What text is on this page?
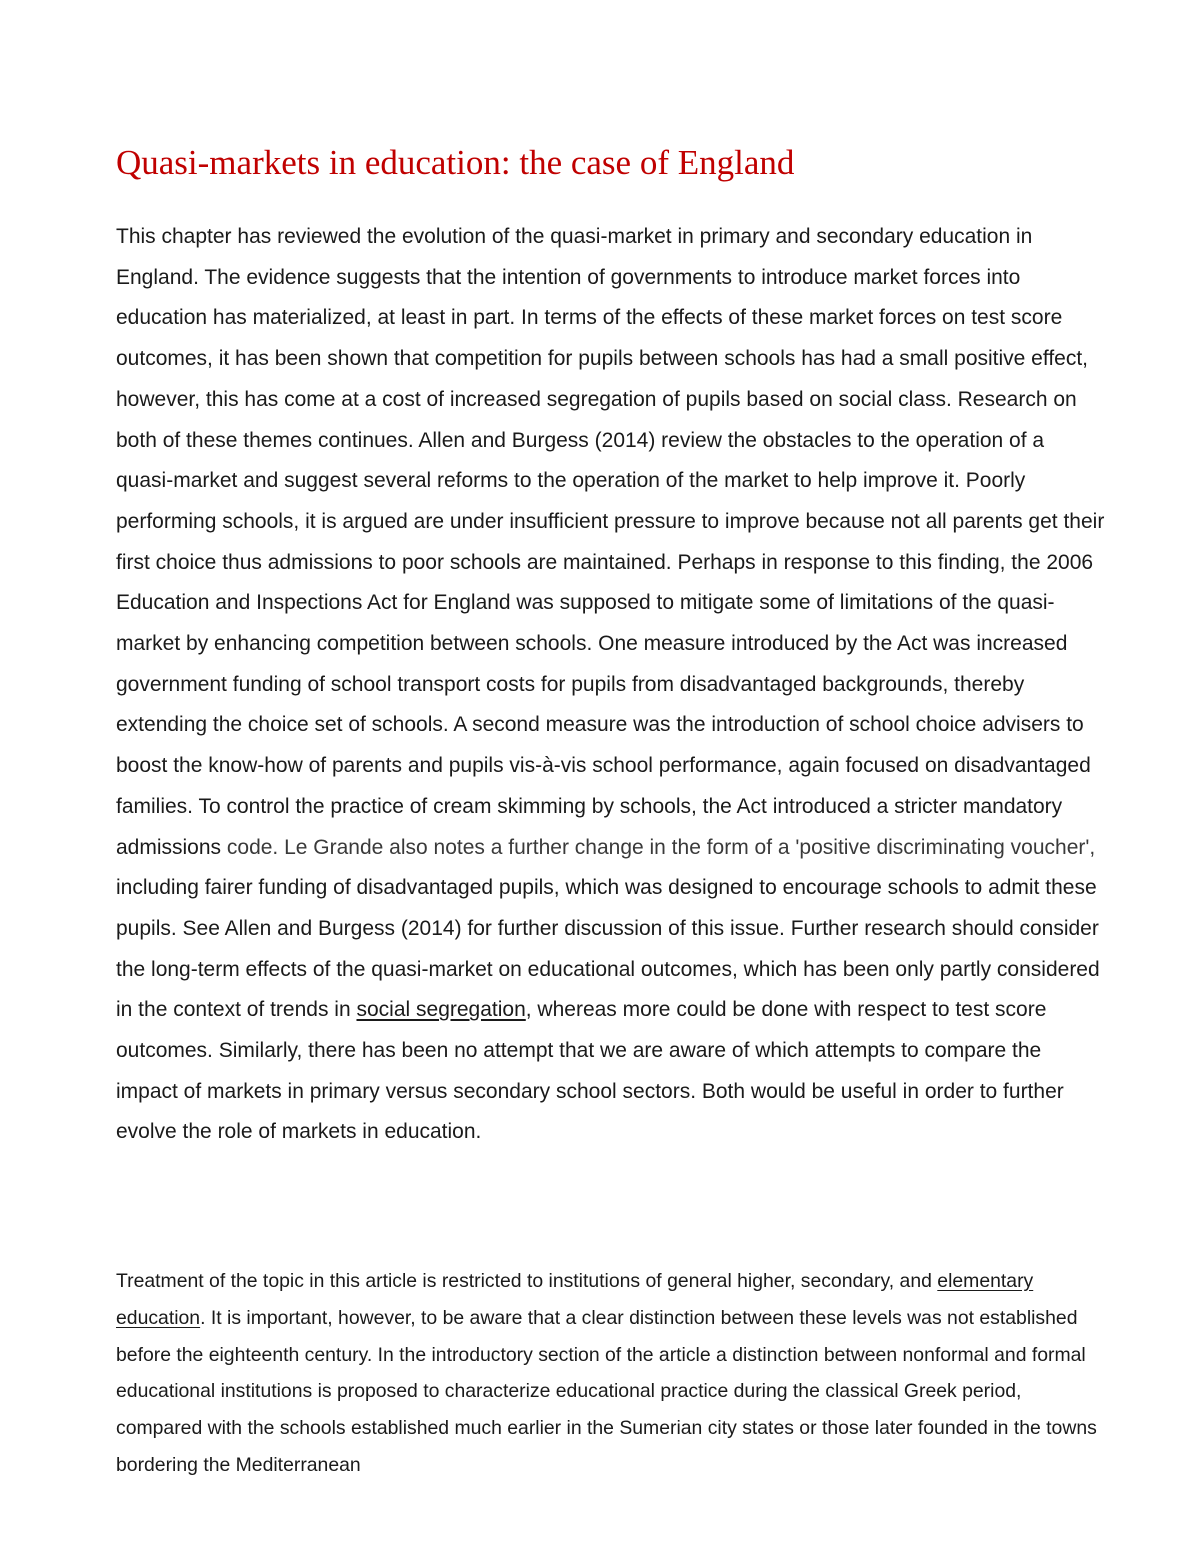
Quasi-markets in education: the case of England

This chapter has reviewed the evolution of the quasi-market in primary and secondary education in England. The evidence suggests that the intention of governments to introduce market forces into education has materialized, at least in part. In terms of the effects of these market forces on test score outcomes, it has been shown that competition for pupils between schools has had a small positive effect, however, this has come at a cost of increased segregation of pupils based on social class. Research on both of these themes continues. Allen and Burgess (2014) review the obstacles to the operation of a quasi-market and suggest several reforms to the operation of the market to help improve it. Poorly performing schools, it is argued are under insufficient pressure to improve because not all parents get their first choice thus admissions to poor schools are maintained. Perhaps in response to this finding, the 2006 Education and Inspections Act for England was supposed to mitigate some of limitations of the quasi-market by enhancing competition between schools. One measure introduced by the Act was increased government funding of school transport costs for pupils from disadvantaged backgrounds, thereby extending the choice set of schools. A second measure was the introduction of school choice advisers to boost the know-how of parents and pupils vis-à-vis school performance, again focused on disadvantaged families. To control the practice of cream skimming by schools, the Act introduced a stricter mandatory admissions code. Le Grande also notes a further change in the form of a 'positive discriminating voucher', including fairer funding of disadvantaged pupils, which was designed to encourage schools to admit these pupils. See Allen and Burgess (2014) for further discussion of this issue. Further research should consider the long-term effects of the quasi-market on educational outcomes, which has been only partly considered in the context of trends in social segregation, whereas more could be done with respect to test score outcomes. Similarly, there has been no attempt that we are aware of which attempts to compare the impact of markets in primary versus secondary school sectors. Both would be useful in order to further evolve the role of markets in education.

Treatment of the topic in this article is restricted to institutions of general higher, secondary, and elementary education. It is important, however, to be aware that a clear distinction between these levels was not established before the eighteenth century. In the introductory section of the article a distinction between nonformal and formal educational institutions is proposed to characterize educational practice during the classical Greek period, compared with the schools established much earlier in the Sumerian city states or those later founded in the towns bordering the Mediterranean
